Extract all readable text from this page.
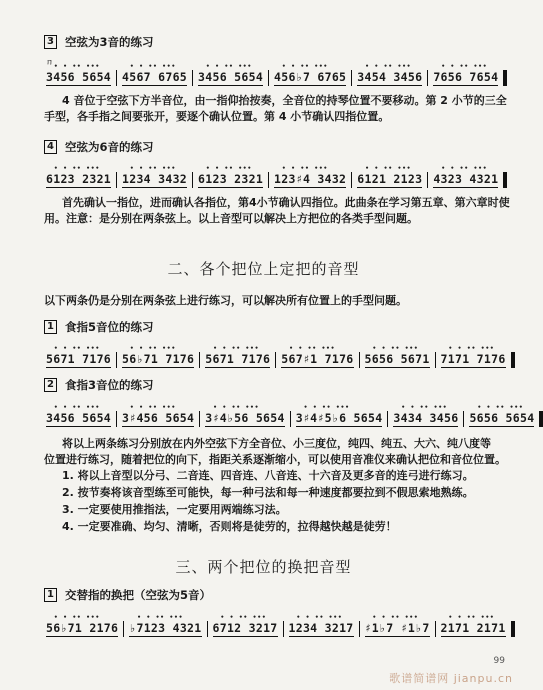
3 空弦为3音的练习
ㄇ
• • 3456 5654 • • 4567 6765 • • 3456 5654 • • 456♭7 6765 • • 3454 3456 • • 7656 7654
4 音位于空弦下方半音位，由一指仰抬按奏，全音位的持琴位置不要移动。第 2 小节的三全
手型，各手指之间要张开，要逐个确认位置。第 4 小节确认四指位置。
4 空弦为6音的练习
• • 6123 2321 • • 1234 3432 • • 6123 2321 • • 123♯4 3432 • • 6121 2123 • • 4323 4321
首先确认一指位，进而确认各指位，第4小节确认四指位。此曲条在学习第五章、第六章时使
用。注意：是分别在两条弦上。以上音型可以解决上方把位的各类手型问题。
二、各个把位上定把的音型
以下两条仍是分别在两条弦上进行练习，可以解决所有位置上的手型问题。
1 食指5音位的练习
• • 5671 7176 • • 56♭71 7176 • • 5671 7176 • • 567♯1 7176 • • 5656 5671 • • 7171 7176
2 食指3音位的练习
• • 3456 5654 • • 3♯456 5654 • • 3♯4♭56 5654 • • 3♯4♯5♭6 5654 • • 3434 3456 • • 5656 5654
将以上两条练习分别放在内外空弦下方全音位、小三度位，纯四、纯五、大六、纯八度等
位置进行练习，随着把位的向下，指距关系逐渐缩小，可以使用音准仪来确认把位和音位位置。
1. 将以上音型以分弓、二音连、四音连、八音连、十六音及更多音的连弓进行练习。
2. 按节奏将该音型练至可能快，每一种弓法和每一种速度都要拉到不假思索地熟练。
3. 一定要使用推指法，一定要用两端练习法。
4. 一定要准确、均匀、清晰，否则将是徒劳的，拉得越快越是徒劳！
三、两个把位的换把音型
1 交替指的换把（空弦为5音）
• • 56♭71 2176 • • ♭7123 4321 • • 6712 3217 • • 1234 3217 • • ♯1♭7 ♯1♭7 • • 2171 2171
99
歌谱简谱网 jianpu.cn
